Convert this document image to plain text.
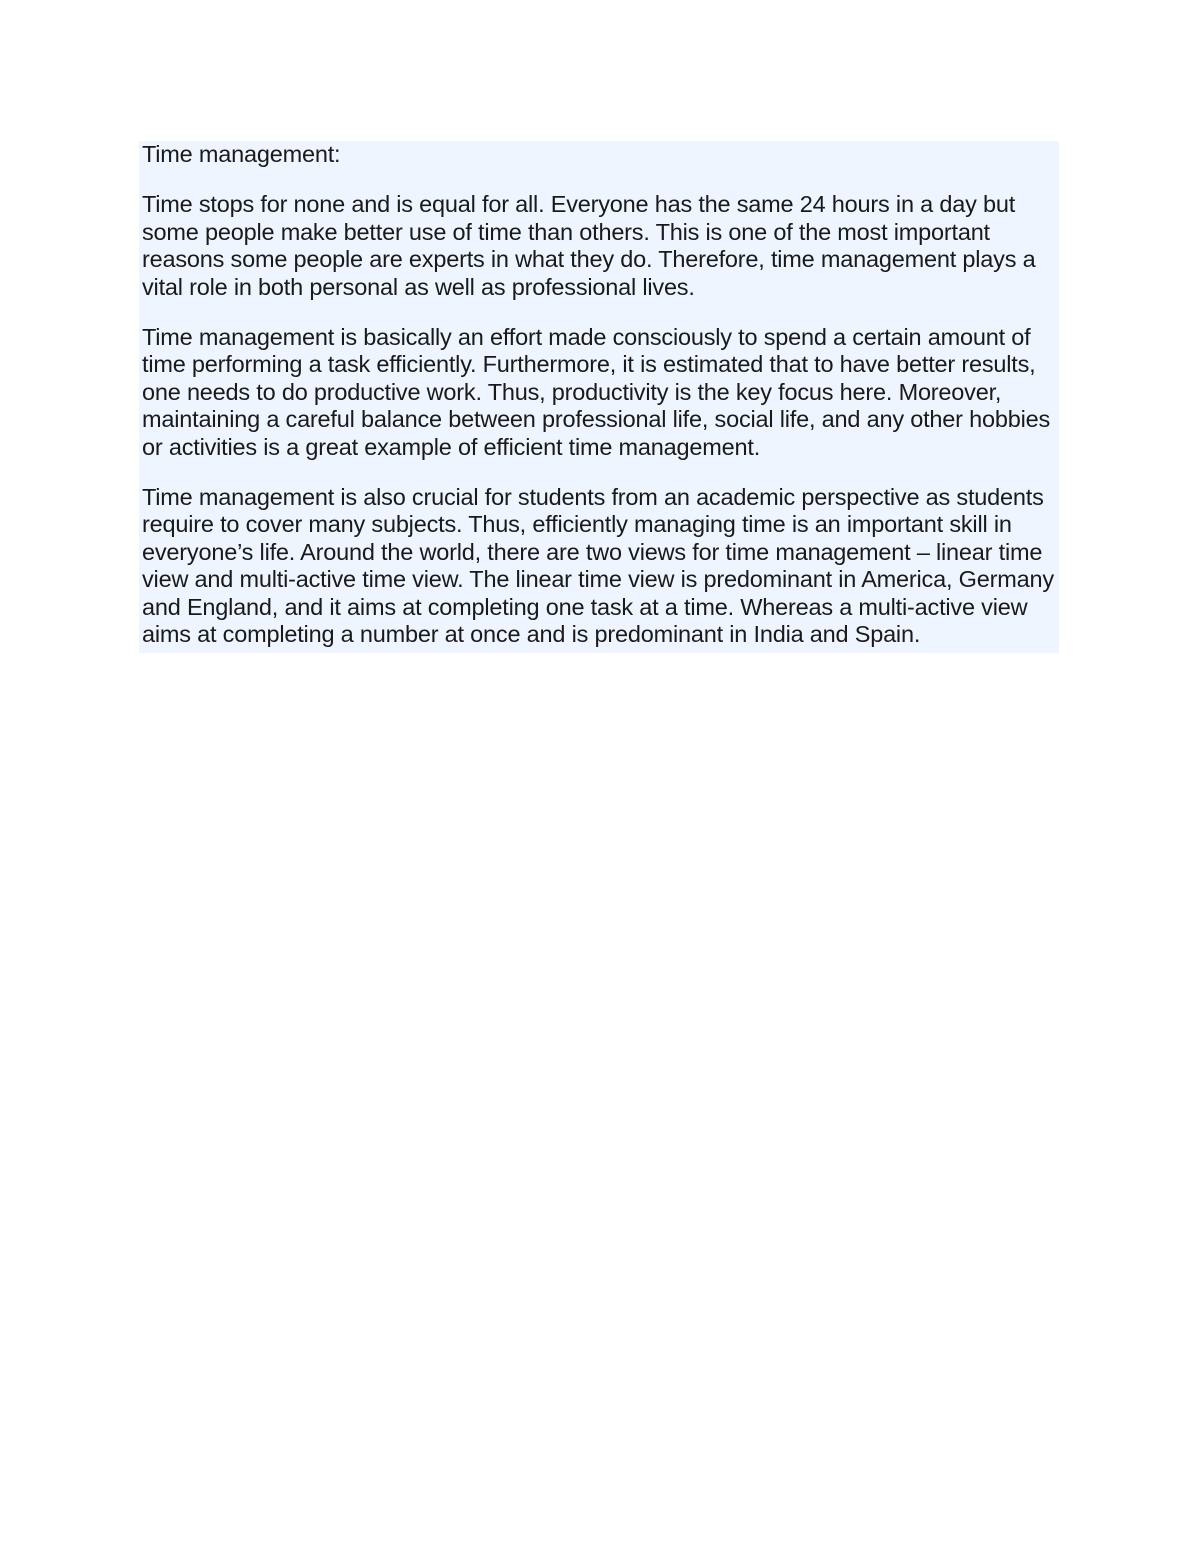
Time management:

Time stops for none and is equal for all. Everyone has the same 24 hours in a day but some people make better use of time than others. This is one of the most important reasons some people are experts in what they do. Therefore, time management plays a vital role in both personal as well as professional lives.

Time management is basically an effort made consciously to spend a certain amount of time performing a task efficiently. Furthermore, it is estimated that to have better results, one needs to do productive work. Thus, productivity is the key focus here. Moreover, maintaining a careful balance between professional life, social life, and any other hobbies or activities is a great example of efficient time management.

Time management is also crucial for students from an academic perspective as students require to cover many subjects. Thus, efficiently managing time is an important skill in everyone’s life. Around the world, there are two views for time management – linear time view and multi-active time view. The linear time view is predominant in America, Germany and England, and it aims at completing one task at a time. Whereas a multi-active view aims at completing a number at once and is predominant in India and Spain.
